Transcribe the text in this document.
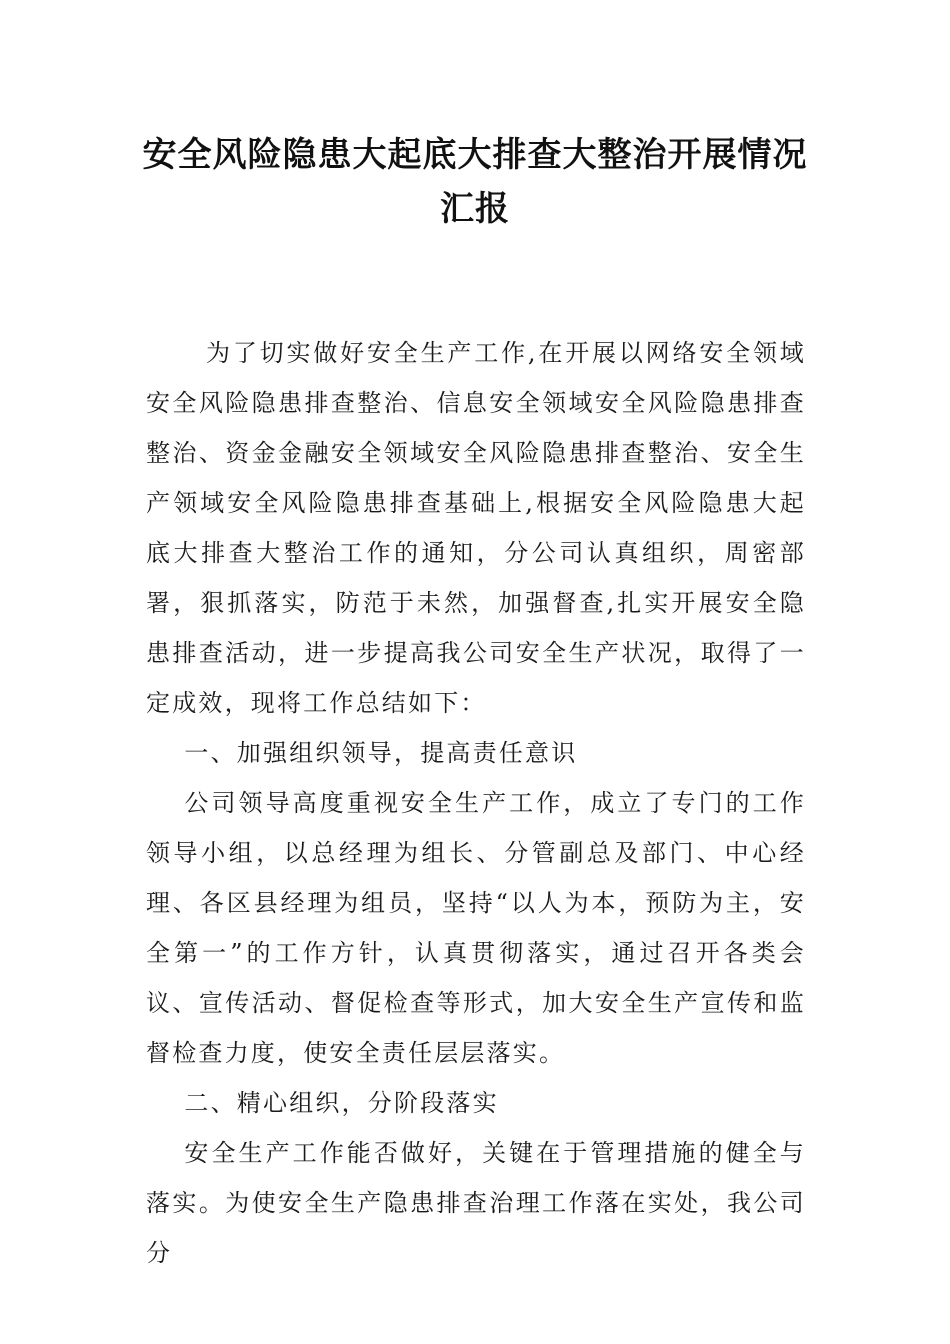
安全风险隐患大起底大排查大整治开展情况汇报

为了切实做好安全生产工作,在开展以网络安全领域安全风险隐患排查整治、信息安全领域安全风险隐患排查整治、资金金融安全领域安全风险隐患排查整治、安全生产领域安全风险隐患排查基础上,根据安全风险隐患大起底大排查大整治工作的通知，分公司认真组织，周密部署，狠抓落实，防范于未然，加强督查,扎实开展安全隐患排查活动，进一步提高我公司安全生产状况，取得了一定成效，现将工作总结如下：

一、加强组织领导，提高责任意识

公司领导高度重视安全生产工作，成立了专门的工作领导小组，以总经理为组长、分管副总及部门、中心经理、各区县经理为组员，坚持“以人为本，预防为主，安全第一”的工作方针，认真贯彻落实，通过召开各类会议、宣传活动、督促检查等形式，加大安全生产宣传和监督检查力度，使安全责任层层落实。

二、精心组织，分阶段落实

安全生产工作能否做好，关键在于管理措施的健全与落实。为使安全生产隐患排查治理工作落在实处，我公司分
